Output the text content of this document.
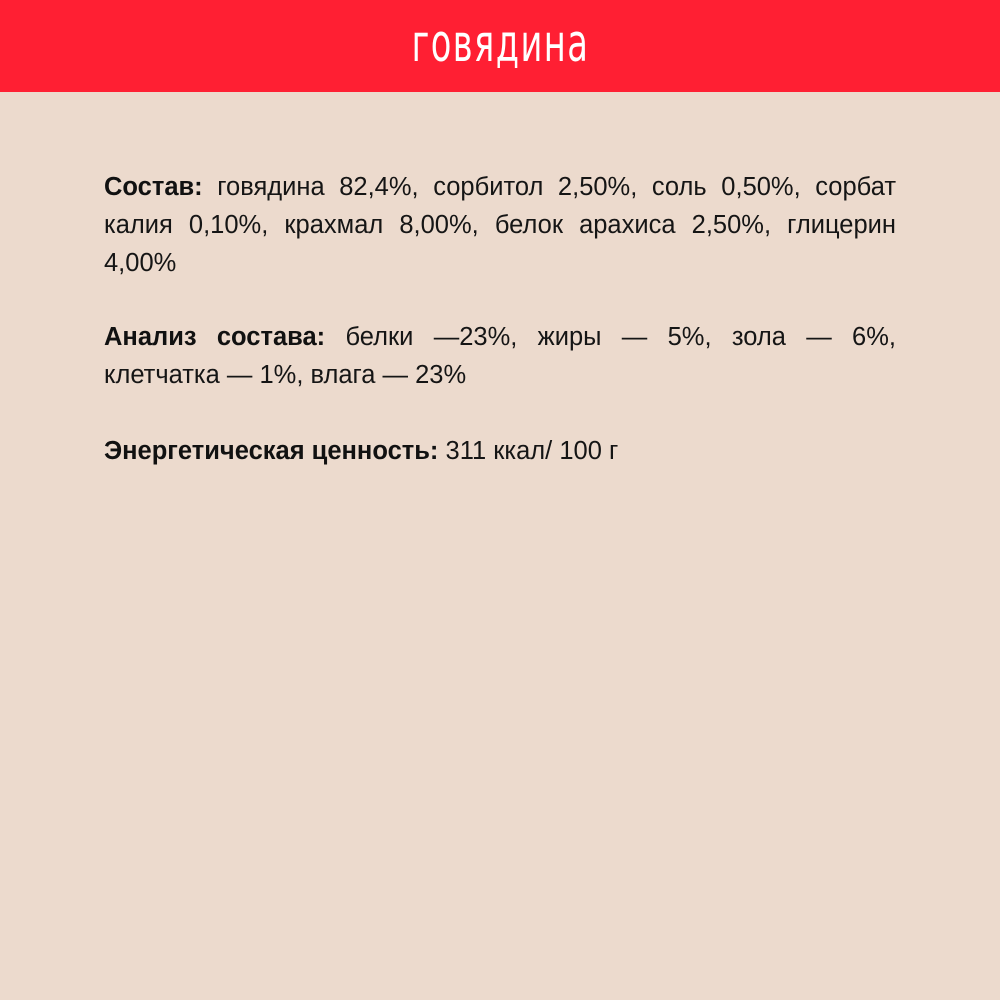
говядина

Состав: говядина 82,4%, сорбитол 2,50%, соль 0,50%, сорбат калия 0,10%, крахмал 8,00%, белок арахиса 2,50%, глицерин 4,00%

Анализ состава: белки —23%, жиры — 5%, зола — 6%, клетчатка — 1%, влага — 23%

Энергетическая ценность: 311 ккал/ 100 г
